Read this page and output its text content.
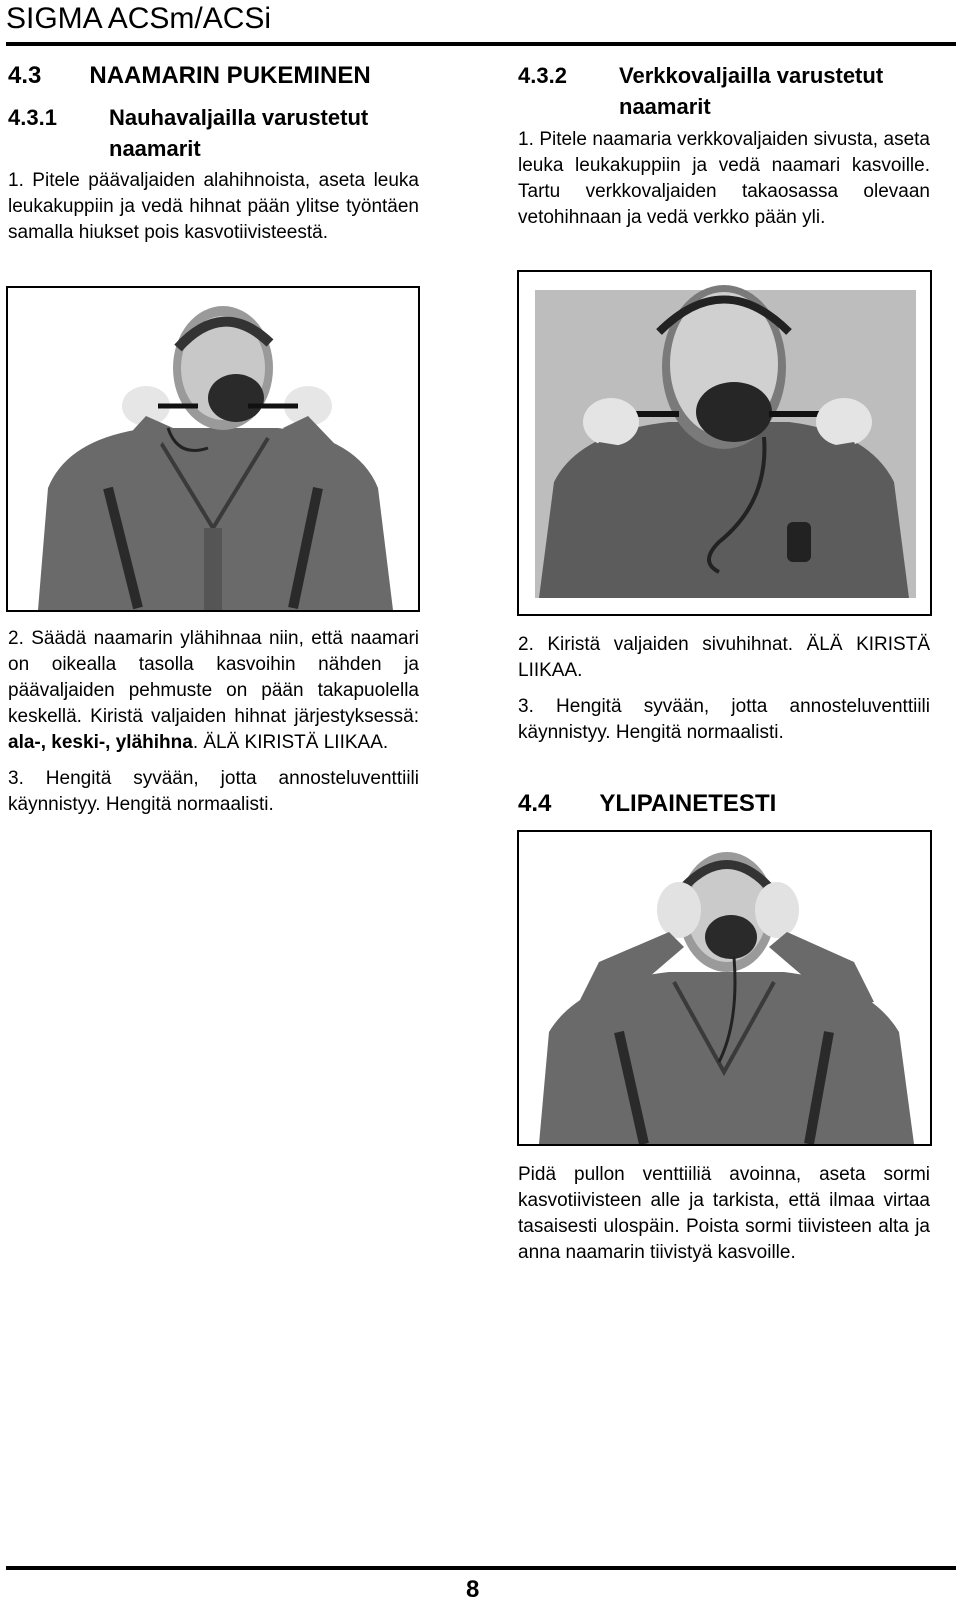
SIGMA ACSm/ACSi
4.3  NAAMARIN PUKEMINEN
4.3.1 Nauhavaljailla varustetut
naamarit

1. Pitele päävaljaiden alahihnoista, aseta leuka leukakuppiin ja vedä hihnat pään ylitse työntäen samalla hiukset pois kasvotiivisteestä.

2. Säädä naamarin ylähihnaa niin, että naamari on oikealla tasolla kasvoihin nähden ja päävaljaiden pehmuste on pään takapuolella keskellä. Kiristä valjaiden hihnat järjestyksessä: ala-, keski-, ylähihna. ÄLÄ KIRISTÄ LIIKAA.

3. Hengitä syvään, jotta annosteluventtiili käynnistyy. Hengitä normaalisti.

4.3.2 Verkkovaljailla varustetut
naamarit

1. Pitele naamaria verkkovaljaiden sivusta, aseta leuka leukakuppiin ja vedä naamari kasvoille. Tartu verkkovaljaiden takaosassa olevaan vetohihnaan ja vedä verkko pään yli.

2. Kiristä valjaiden sivuhihnat. ÄLÄ KIRISTÄ LIIKAA.

3. Hengitä syvään, jotta annosteluventtiili käynnistyy. Hengitä normaalisti.

4.4  YLIPAINETESTI

Pidä pullon venttiiliä avoinna, aseta sormi kasvotiivisteen alle ja tarkista, että ilmaa virtaa tasaisesti ulospäin. Poista sormi tiivisteen alta ja anna naamarin tiivistyä kasvoille.

8
